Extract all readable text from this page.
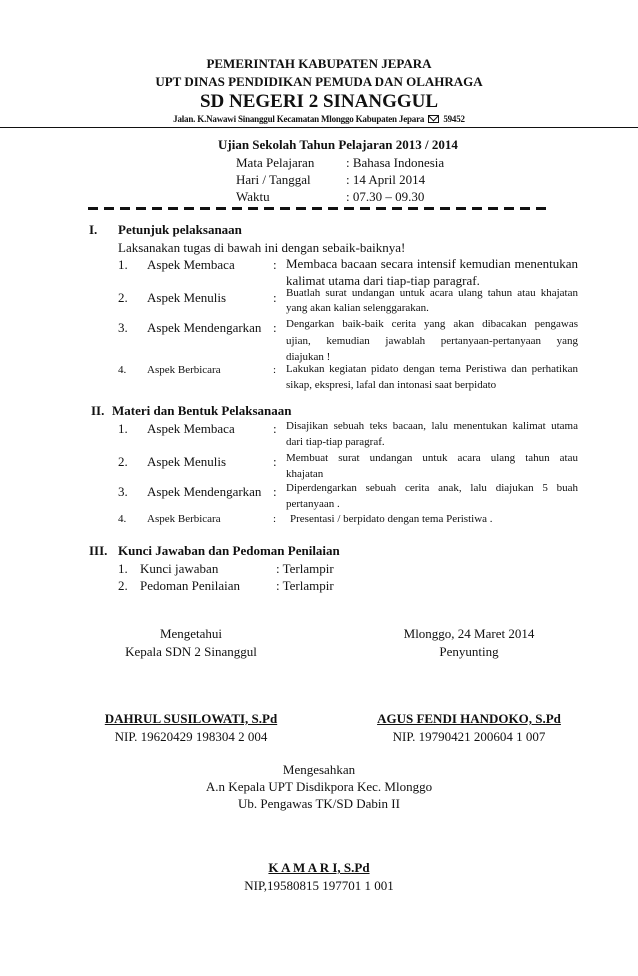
PEMERINTAH KABUPATEN JEPARA
UPT DINAS PENDIDIKAN PEMUDA DAN OLAHRAGA
SD NEGERI 2 SINANGGUL
Jalan. K.Nawawi Sinanggul Kecamatan Mlonggo Kabupaten Jepara 59452
Ujian Sekolah Tahun Pelajaran 2013 / 2014
Mata Pelajaran : Bahasa Indonesia
Hari / Tanggal	: 14 April 2014
Waktu	: 07.30 – 09.30
I. Petunjuk pelaksanaan
Laksanakan tugas di bawah ini dengan sebaik-baiknya!
1. Aspek Membaca	: Membaca bacaan secara intensif kemudian menentukan
kalimat utama dari tiap-tiap paragraf.
2. Aspek Menulis	: Buatlah surat undangan untuk acara ulang tahun atau khajatan
yang akan kalian selenggarakan.
3. Aspek Mendengarkan : Dengarkan baik-baik cerita yang akan dibacakan pengawas
ujian, kemudian jawablah pertanyaan-pertanyaan yang
diajukan !
4. Aspek Berbicara	: Lakukan kegiatan pidato dengan tema Peristiwa dan perhatikan
sikap, ekspresi, lafal dan intonasi saat berpidato
II. Materi dan Bentuk Pelaksanaan
1. Aspek Membaca	: Disajikan sebuah teks bacaan, lalu menentukan kalimat utama
dari tiap-tiap paragraf.
2. Aspek Menulis	: Membuat surat undangan untuk acara ulang tahun atau
khajatan
3. Aspek Mendengarkan : Diperdengarkan sebuah cerita anak, lalu diajukan 5 buah
pertanyaan .
4. Aspek Berbicara	: Presentasi / berpidato dengan tema Peristiwa .
III. Kunci Jawaban dan Pedoman Penilaian
1. Kunci jawaban	: Terlampir
2. Pedoman Penilaian	: Terlampir
Mengetahui
Kepala SDN 2 Sinanggul
Mlonggo, 24 Maret 2014
Penyunting
DAHRUL SUSILOWATI, S.Pd
NIP. 19620429 198304 2 004
AGUS FENDI HANDOKO, S.Pd
NIP. 19790421 200604 1 007
Mengesahkan
A.n Kepala UPT Disdikpora Kec. Mlonggo
Ub. Pengawas TK/SD Dabin II
K A M A R I, S.Pd
NIP,19580815 197701 1 001
